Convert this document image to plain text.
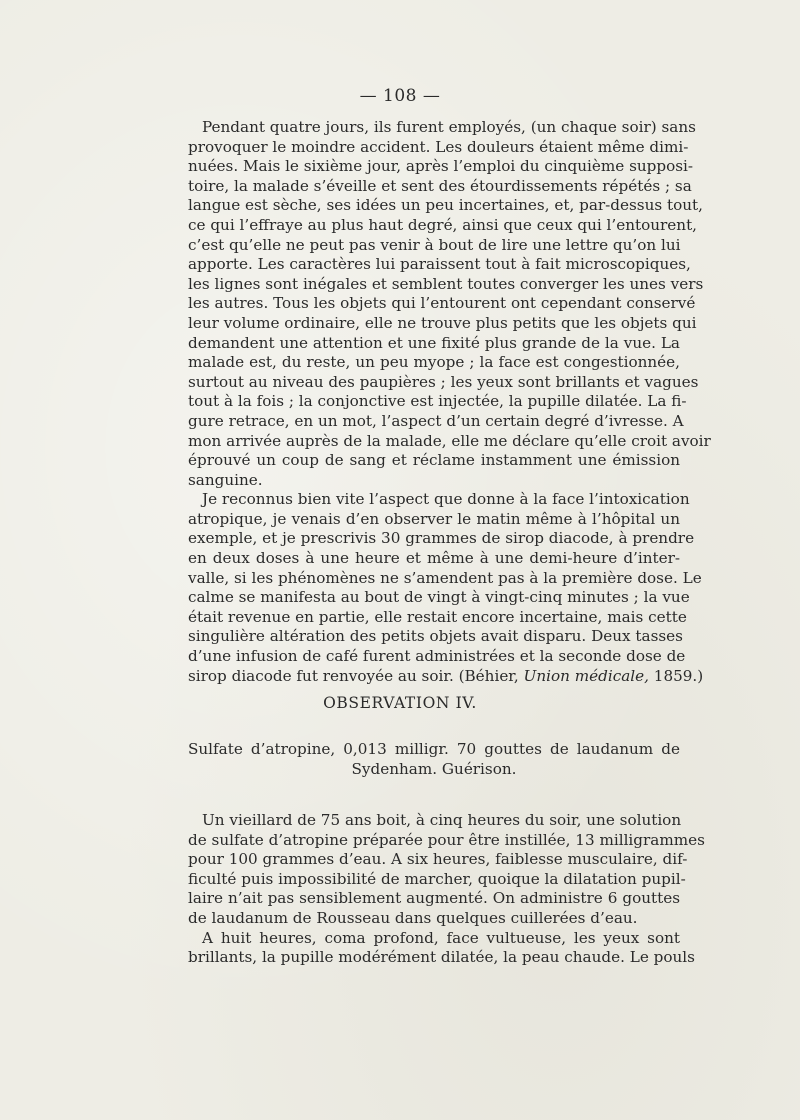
— 108 —
Pendant quatre jours, ils furent employés, (un chaque soir) sans
provoquer le moindre accident. Les douleurs étaient même dimi-
nuées. Mais le sixième jour, après l’emploi du cinquième supposi-
toire, la malade s’éveille et sent des étourdissements répétés ; sa
langue est sèche, ses idées un peu incertaines, et, par-dessus tout,
ce qui l’effraye au plus haut degré, ainsi que ceux qui l’entourent,
c’est qu’elle ne peut pas venir à bout de lire une lettre qu’on lui
apporte. Les caractères lui paraissent tout à fait microscopiques,
les lignes sont inégales et semblent toutes converger les unes vers
les autres. Tous les objets qui l’entourent ont cependant conservé
leur volume ordinaire, elle ne trouve plus petits que les objets qui
demandent une attention et une fixité plus grande de la vue. La
malade est, du reste, un peu myope ; la face est congestionnée,
surtout au niveau des paupières ; les yeux sont brillants et vagues
tout à la fois ; la conjonctive est injectée, la pupille dilatée. La fi-
gure retrace, en un mot, l’aspect d’un certain degré d’ivresse. A
mon arrivée auprès de la malade, elle me déclare qu’elle croit avoir
éprouvé un coup de sang et réclame instamment une émission
sanguine.
Je reconnus bien vite l’aspect que donne à la face l’intoxication
atropique, je venais d’en observer le matin même à l’hôpital un
exemple, et je prescrivis 30 grammes de sirop diacode, à prendre
en deux doses à une heure et même à une demi-heure d’inter-
valle, si les phénomènes ne s’amendent pas à la première dose. Le
calme se manifesta au bout de vingt à vingt-cinq minutes ; la vue
était revenue en partie, elle restait encore incertaine, mais cette
singulière altération des petits objets avait disparu. Deux tasses
d’une infusion de café furent administrées et la seconde dose de
sirop diacode fut renvoyée au soir. (Béhier, Union médicale, 1859.)
OBSERVATION IV.
Sulfate d’atropine, 0,013 milligr. 70 gouttes de laudanum de
Sydenham. Guérison.
Un vieillard de 75 ans boit, à cinq heures du soir, une solution
de sulfate d’atropine préparée pour être instillée, 13 milligrammes
pour 100 grammes d’eau. A six heures, faiblesse musculaire, dif-
ficulté puis impossibilité de marcher, quoique la dilatation pupil-
laire n’ait pas sensiblement augmenté. On administre 6 gouttes
de laudanum de Rousseau dans quelques cuillerées d’eau.
A huit heures, coma profond, face vultueuse, les yeux sont
brillants, la pupille modérément dilatée, la peau chaude. Le pouls
